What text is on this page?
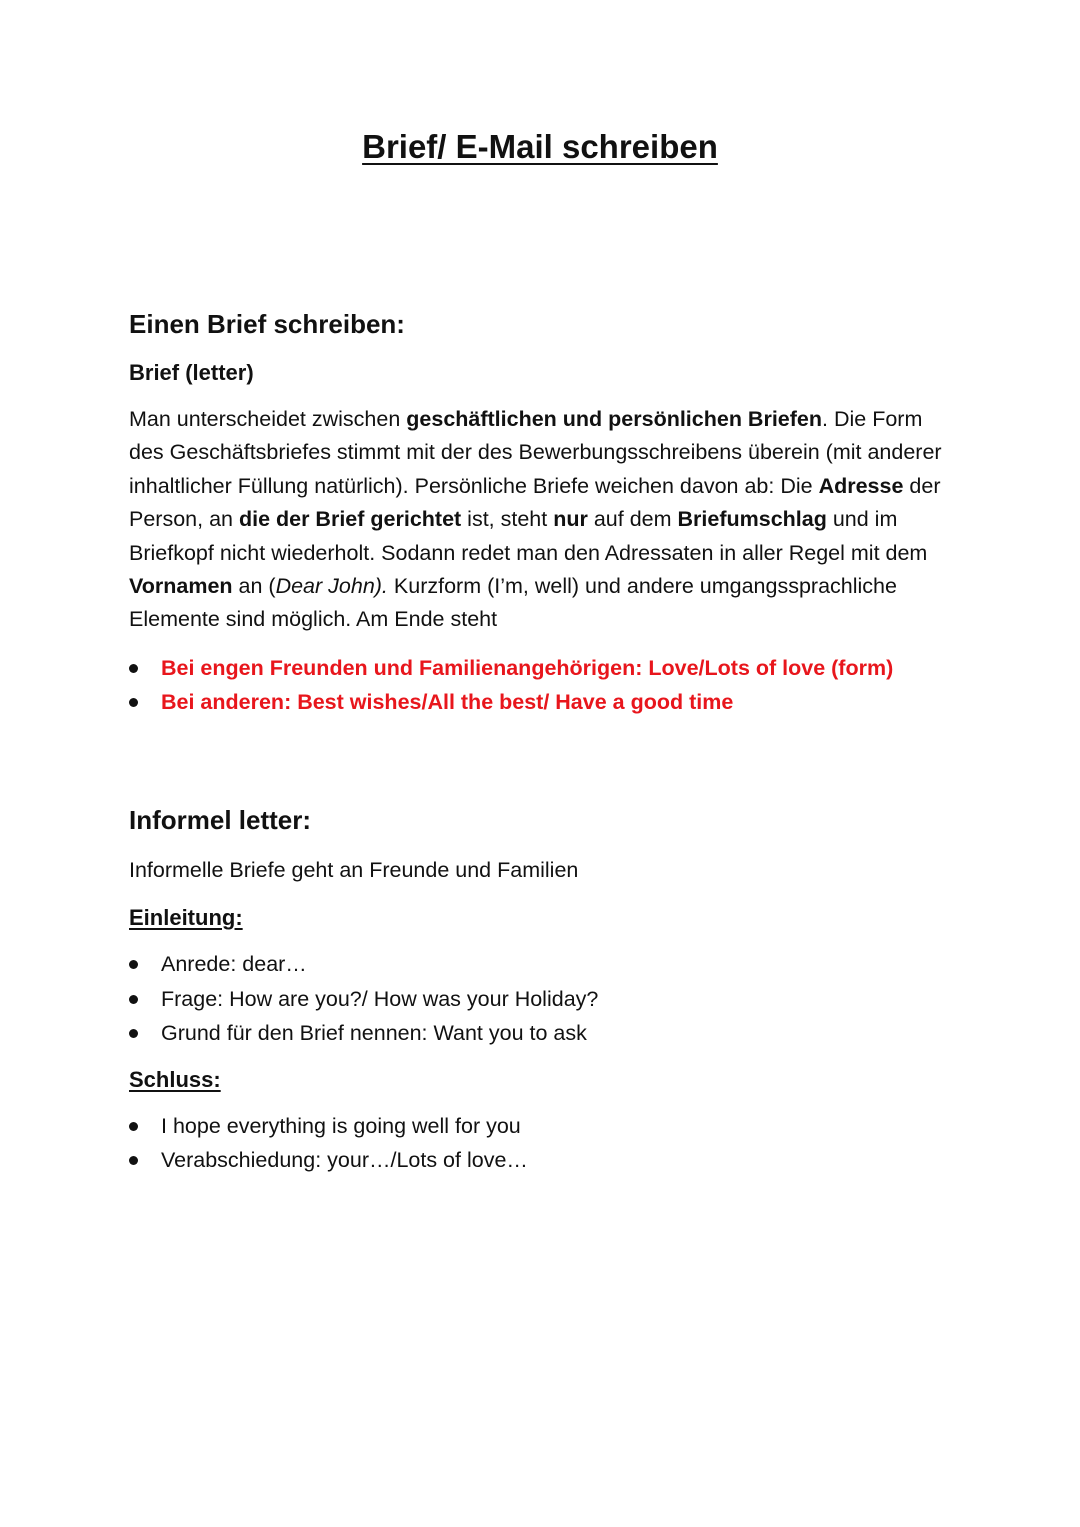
Brief/ E-Mail schreiben
Einen Brief schreiben:

Brief (letter)

Man unterscheidet zwischen geschäftlichen und persönlichen Briefen. Die Form des Geschäftsbriefes stimmt mit der des Bewerbungsschreibens überein (mit anderer inhaltlicher Füllung natürlich). Persönliche Briefe weichen davon ab: Die Adresse der Person, an die der Brief gerichtet ist, steht nur auf dem Briefumschlag und im Briefkopf nicht wiederholt. Sodann redet man den Adressaten in aller Regel mit dem Vornamen an (Dear John). Kurzform (I’m, well) und andere umgangssprachliche Elemente sind möglich. Am Ende steht

Bei engen Freunden und Familienangehörigen: Love/Lots of love (form)
Bei anderen: Best wishes/All the best/ Have a good time
Informel letter:

Informelle Briefe geht an Freunde und Familien

Einleitung:

Anrede: dear…
Frage: How are you?/ How was your Holiday?
Grund für den Brief nennen: Want you to ask

Schluss:

I hope everything is going well for you
Verabschiedung: your…/Lots of love…
